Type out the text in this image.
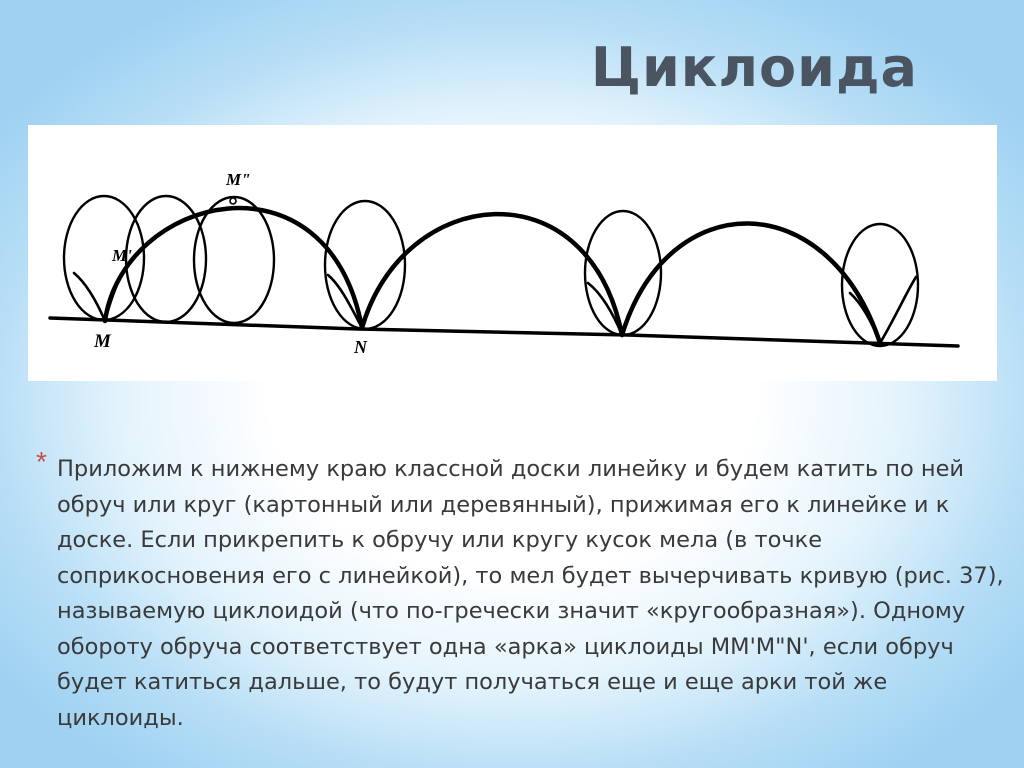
Циклоида
M
M'
M"
N
* Приложим к нижнему краю классной доски линейку и будем катить по ней обруч или круг (картонный или деревянный), прижимая его к линейке и к доске. Если прикрепить к обручу или кругу кусок мела (в точке соприкосновения его с линейкой), то мел будет вычерчивать кривую (рис. 37), называемую циклоидой (что по-гречески значит «кругообразная»). Одному обороту обруча соответствует одна «арка» циклоиды ММ'M"N', если обруч будет катиться дальше, то будут получаться еще и еще арки той же циклоиды.
